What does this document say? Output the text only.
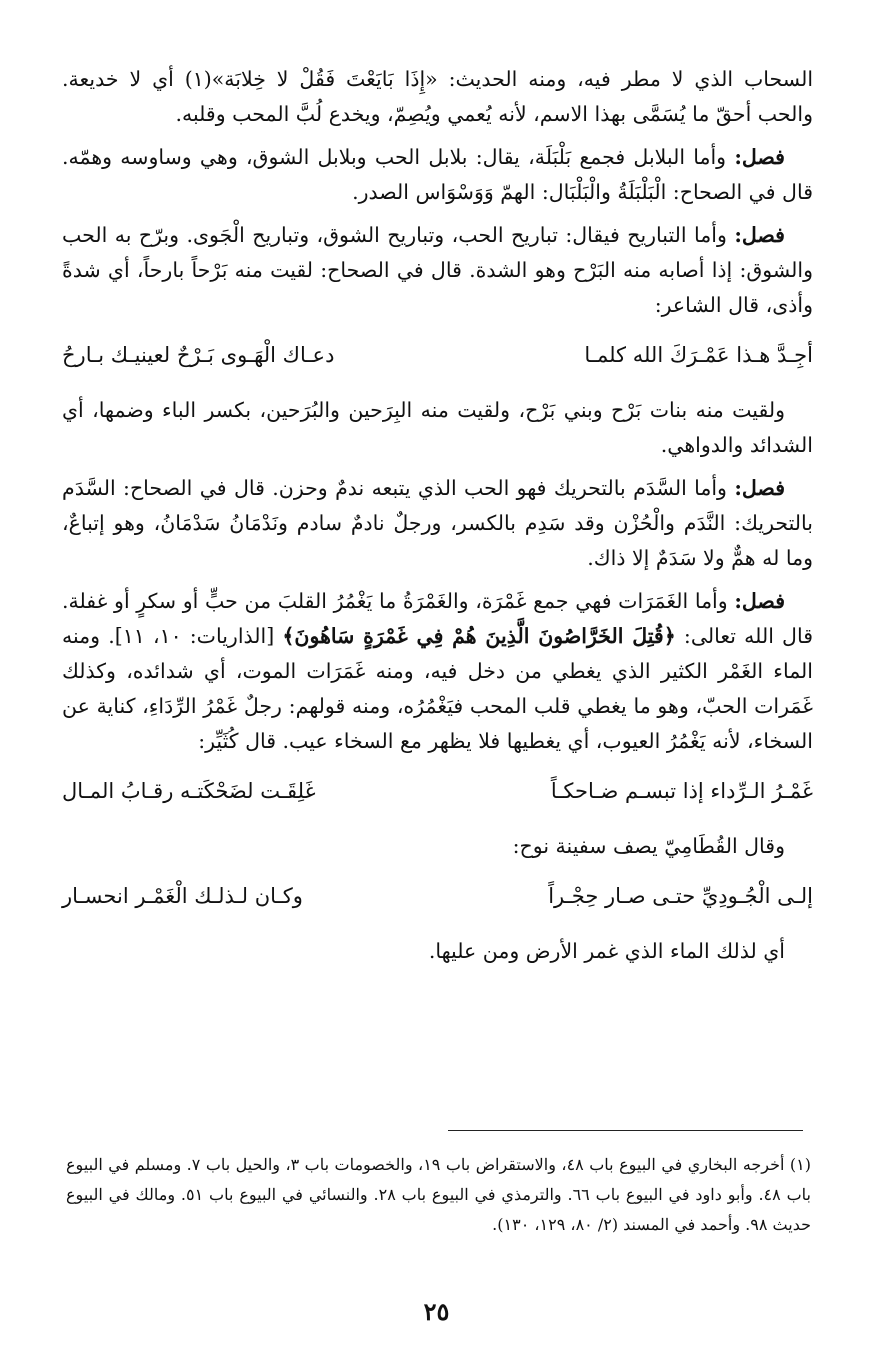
السحاب الذي لا مطر فيه، ومنه الحديث: «إِذَا بَايَعْتَ فَقُلْ لا خِلابَة»(١) أي لا خديعة. والحب أحقّ ما يُسَمَّى بهذا الاسم، لأنه يُعمي ويُصِمّ، ويخدع لُبَّ المحب وقلبه.

فصل: وأما البلابل فجمع بَلْبَلَة، يقال: بلابل الحب وبلابل الشوق، وهي وساوسه وهمّه. قال في الصحاح: الْبَلْبَلَةُ والْبَلْبَال: الهمّ وَوَسْوَاس الصدر.

فصل: وأما التباريح فيقال: تباريح الحب، وتباريح الشوق، وتباريح الْجَوى. وبرّح به الحب والشوق: إذا أصابه منه البَرْح وهو الشدة. قال في الصحاح: لقيت منه بَرْحاً بارحاً، أي شدةً وأذى، قال الشاعر:

أجِـدَّ هـذا عَمْـرَكَ الله كلمـا
دعـاك الْهَـوى بَـرْحٌ لعينيـك بـارحُ

ولقيت منه بنات بَرْح وبني بَرْح، ولقيت منه البِرَحين والبُرَحين، بكسر الباء وضمها، أي الشدائد والدواهي.

فصل: وأما السَّدَم بالتحريك فهو الحب الذي يتبعه ندمٌ وحزن. قال في الصحاح: السَّدَم بالتحريك: النَّدَم والْحُزْن وقد سَدِم بالكسر، ورجلٌ نادمٌ سادم ونَدْمَانُ سَدْمَانُ، وهو إتباعٌ، وما له همٌّ ولا سَدَمٌ إلا ذاك.

فصل: وأما الغَمَرَات فهي جمع غَمْرَة، والغَمْرَةُ ما يَغْمُرُ القلبَ من حبٍّ أو سكرٍ أو غفلة. قال الله تعالى: ﴿قُتِلَ الخَرَّاصُونَ الَّذِينَ هُمْ فِي غَمْرَةٍ سَاهُونَ﴾ [الذاريات: ١٠، ١١]. ومنه الماء الغَمْر الكثير الذي يغطي من دخل فيه، ومنه غَمَرَات الموت، أي شدائده، وكذلك غَمَرات الحبّ، وهو ما يغطي قلب المحب فيَغْمُرُه، ومنه قولهم: رجلٌ غَمْرُ الرِّدَاءِ، كناية عن السخاء، لأنه يَغْمُرُ العيوب، أي يغطيها فلا يظهر مع السخاء عيب. قال كُثَيِّر:

غَمْـرُ الـرِّداء إذا تبسـم ضـاحكـاً
غَلِقَـت لضَحْكَتـه رقـابُ المـال

وقال القُطَامِيّ يصف سفينة نوح:

إلـى الْجُـودِيِّ حتـى صـار حِجْـراً
وكـان لـذلـك الْغَمْـر انحسـار

أي لذلك الماء الذي غمر الأرض ومن عليها.

(١) أخرجه البخاري في البيوع باب ٤٨، والاستقراض باب ١٩، والخصومات باب ٣، والحيل باب ٧. ومسلم في البيوع باب ٤٨. وأبو داود في البيوع باب ٦٦. والترمذي في البيوع باب ٢٨. والنسائي في البيوع باب ٥١. ومالك في البيوع حديث ٩٨. وأحمد في المسند (٢/ ٨٠، ١٢٩، ١٣٠).
٢٥
